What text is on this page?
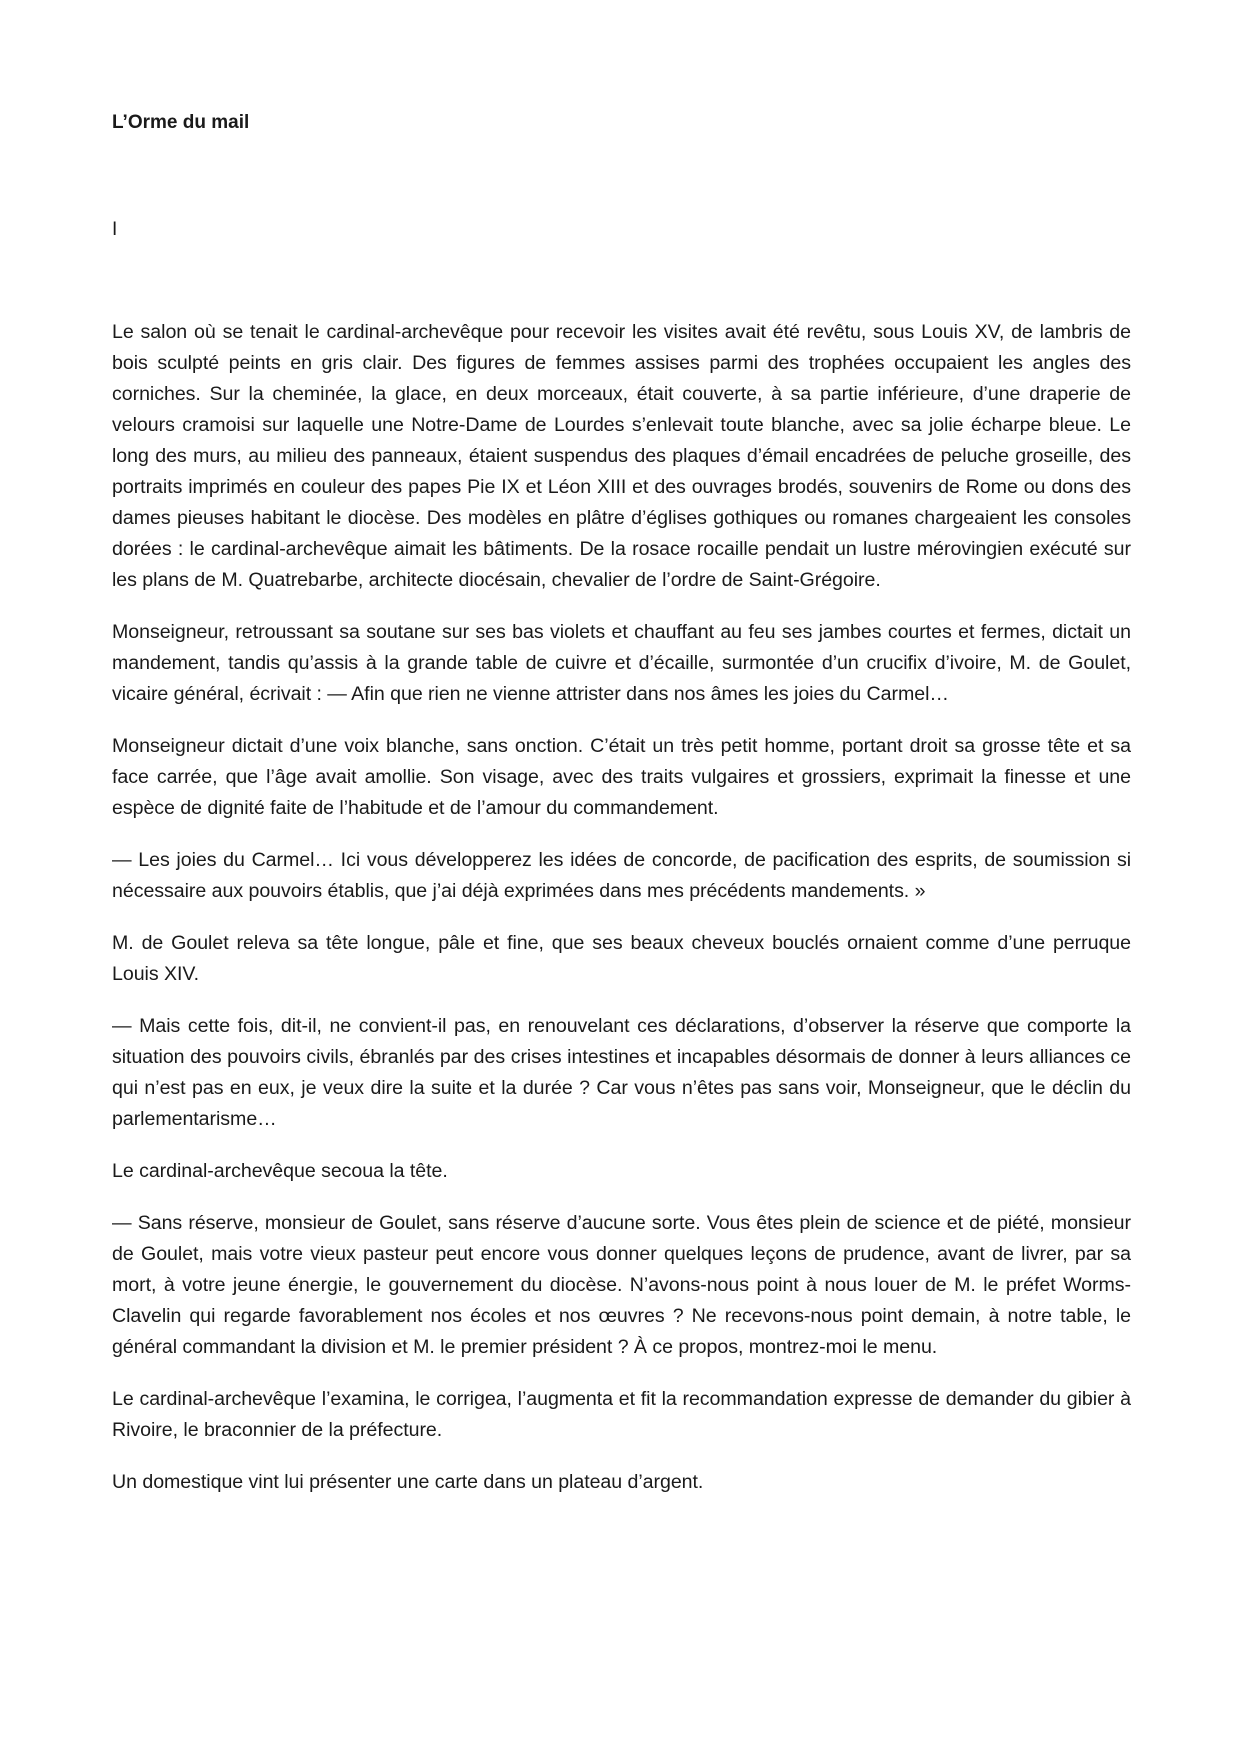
L’Orme du mail

I

Le salon où se tenait le cardinal-archevêque pour recevoir les visites avait été revêtu, sous Louis XV, de lambris de bois sculpté peints en gris clair. Des figures de femmes assises parmi des trophées occupaient les angles des corniches. Sur la cheminée, la glace, en deux morceaux, était couverte, à sa partie inférieure, d’une draperie de velours cramoisi sur laquelle une Notre-Dame de Lourdes s’enlevait toute blanche, avec sa jolie écharpe bleue. Le long des murs, au milieu des panneaux, étaient suspendus des plaques d’émail encadrées de peluche groseille, des portraits imprimés en couleur des papes Pie IX et Léon XIII et des ouvrages brodés, souvenirs de Rome ou dons des dames pieuses habitant le diocèse. Des modèles en plâtre d’églises gothiques ou romanes chargeaient les consoles dorées : le cardinal-archevêque aimait les bâtiments. De la rosace rocaille pendait un lustre mérovingien exécuté sur les plans de M. Quatrebarbe, architecte diocésain, chevalier de l’ordre de Saint-Grégoire.

Monseigneur, retroussant sa soutane sur ses bas violets et chauffant au feu ses jambes courtes et fermes, dictait un mandement, tandis qu’assis à la grande table de cuivre et d’écaille, surmontée d’un crucifix d’ivoire, M. de Goulet, vicaire général, écrivait : — Afin que rien ne vienne attrister dans nos âmes les joies du Carmel…

Monseigneur dictait d’une voix blanche, sans onction. C’était un très petit homme, portant droit sa grosse tête et sa face carrée, que l’âge avait amollie. Son visage, avec des traits vulgaires et grossiers, exprimait la finesse et une espèce de dignité faite de l’habitude et de l’amour du commandement.

— Les joies du Carmel… Ici vous développerez les idées de concorde, de pacification des esprits, de soumission si nécessaire aux pouvoirs établis, que j’ai déjà exprimées dans mes précédents mandements. »

M. de Goulet releva sa tête longue, pâle et fine, que ses beaux cheveux bouclés ornaient comme d’une perruque Louis XIV.

— Mais cette fois, dit-il, ne convient-il pas, en renouvelant ces déclarations, d’observer la réserve que comporte la situation des pouvoirs civils, ébranlés par des crises intestines et incapables désormais de donner à leurs alliances ce qui n’est pas en eux, je veux dire la suite et la durée ? Car vous n’êtes pas sans voir, Monseigneur, que le déclin du parlementarisme…

Le cardinal-archevêque secoua la tête.

— Sans réserve, monsieur de Goulet, sans réserve d’aucune sorte. Vous êtes plein de science et de piété, monsieur de Goulet, mais votre vieux pasteur peut encore vous donner quelques leçons de prudence, avant de livrer, par sa mort, à votre jeune énergie, le gouvernement du diocèse. N’avons-nous point à nous louer de M. le préfet Worms-Clavelin qui regarde favorablement nos écoles et nos œuvres ? Ne recevons-nous point demain, à notre table, le général commandant la division et M. le premier président ? À ce propos, montrez-moi le menu.

Le cardinal-archevêque l’examina, le corrigea, l’augmenta et fit la recommandation expresse de demander du gibier à Rivoire, le braconnier de la préfecture.

Un domestique vint lui présenter une carte dans un plateau d’argent.
